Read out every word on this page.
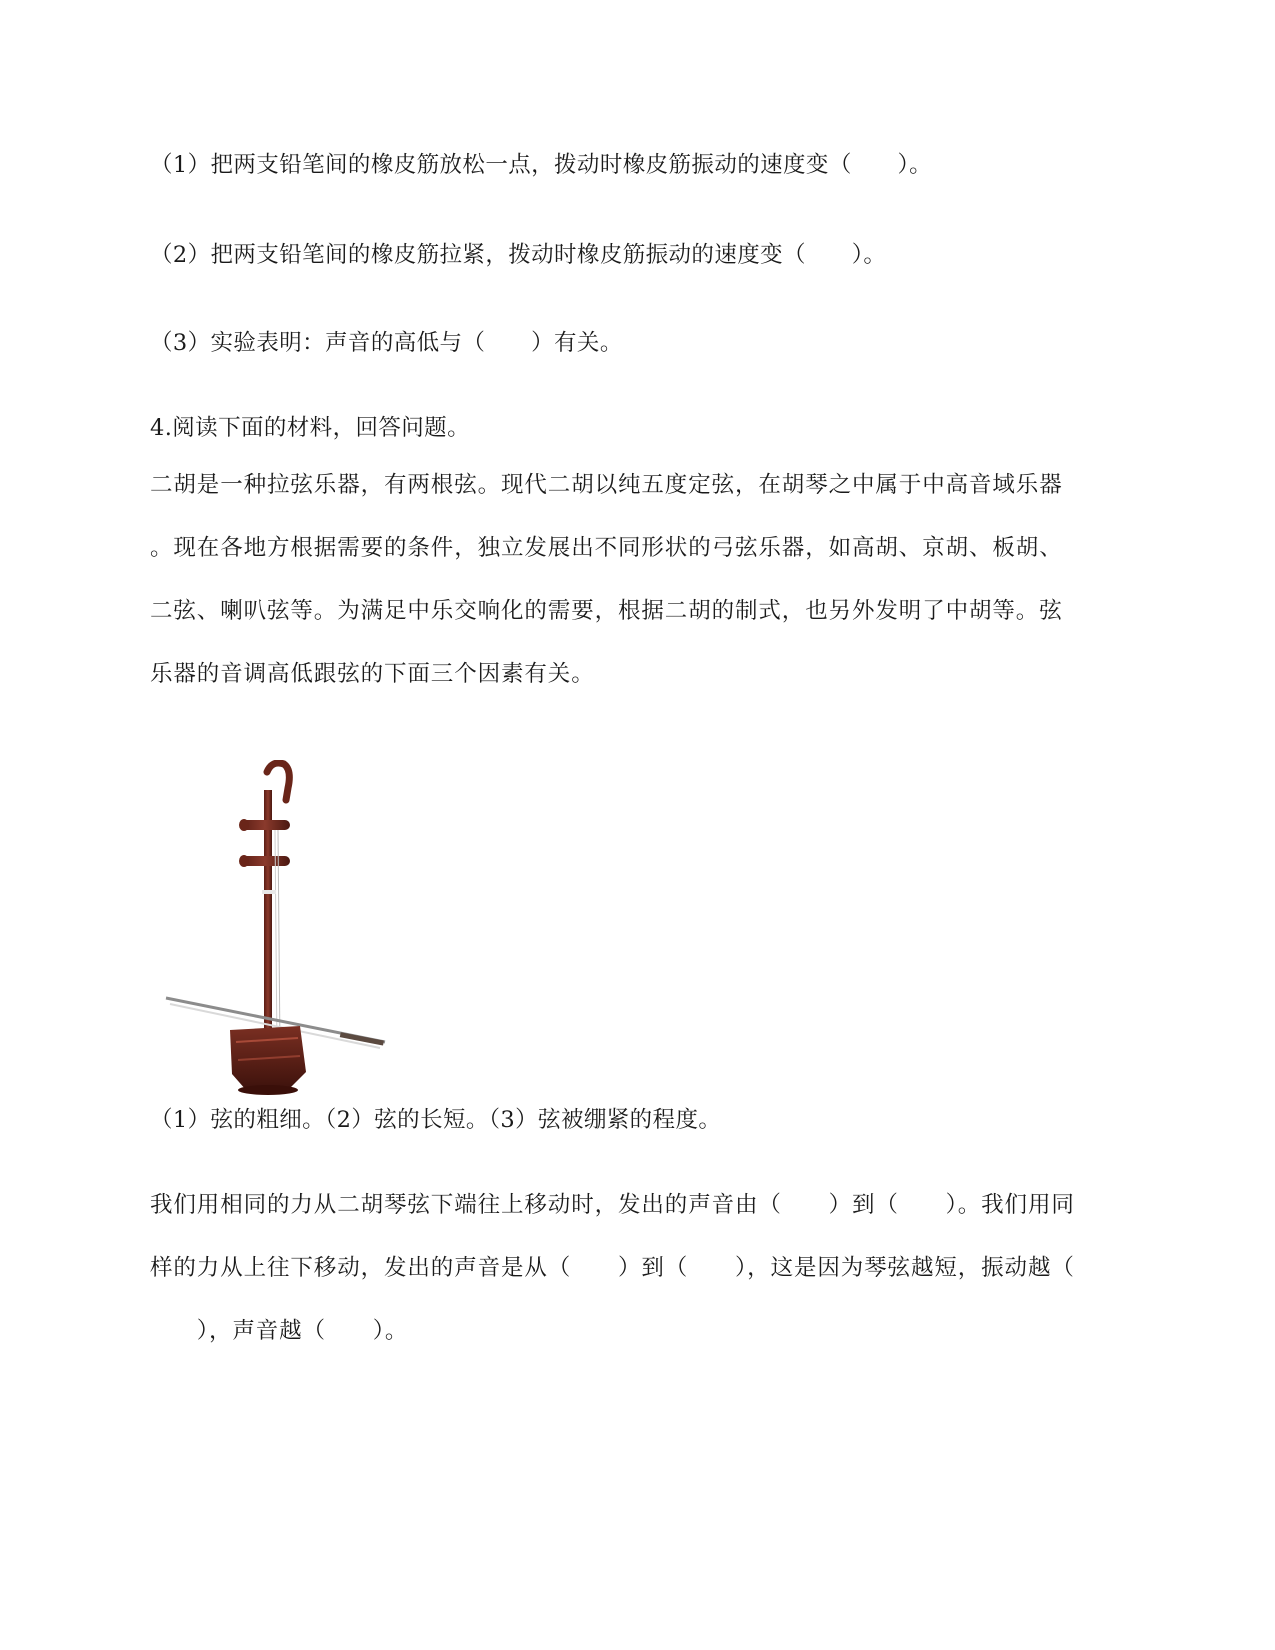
（1）把两支铅笔间的橡皮筋放松一点，拨动时橡皮筋振动的速度变（　　）。
（2）把两支铅笔间的橡皮筋拉紧，拨动时橡皮筋振动的速度变（　　）。
（3）实验表明：声音的高低与（　　）有关。
4.阅读下面的材料，回答问题。
二胡是一种拉弦乐器，有两根弦。现代二胡以纯五度定弦，在胡琴之中属于中高音域乐器
。现在各地方根据需要的条件，独立发展出不同形状的弓弦乐器，如高胡、京胡、板胡、
二弦、喇叭弦等。为满足中乐交响化的需要，根据二胡的制式，也另外发明了中胡等。弦
乐器的音调高低跟弦的下面三个因素有关。
（1）弦的粗细。（2）弦的长短。（3）弦被绷紧的程度。
我们用相同的力从二胡琴弦下端往上移动时，发出的声音由（　　）到（　　）。我们用同
样的力从上往下移动，发出的声音是从（　　）到（　　），这是因为琴弦越短，振动越（
　　），声音越（　　）。
